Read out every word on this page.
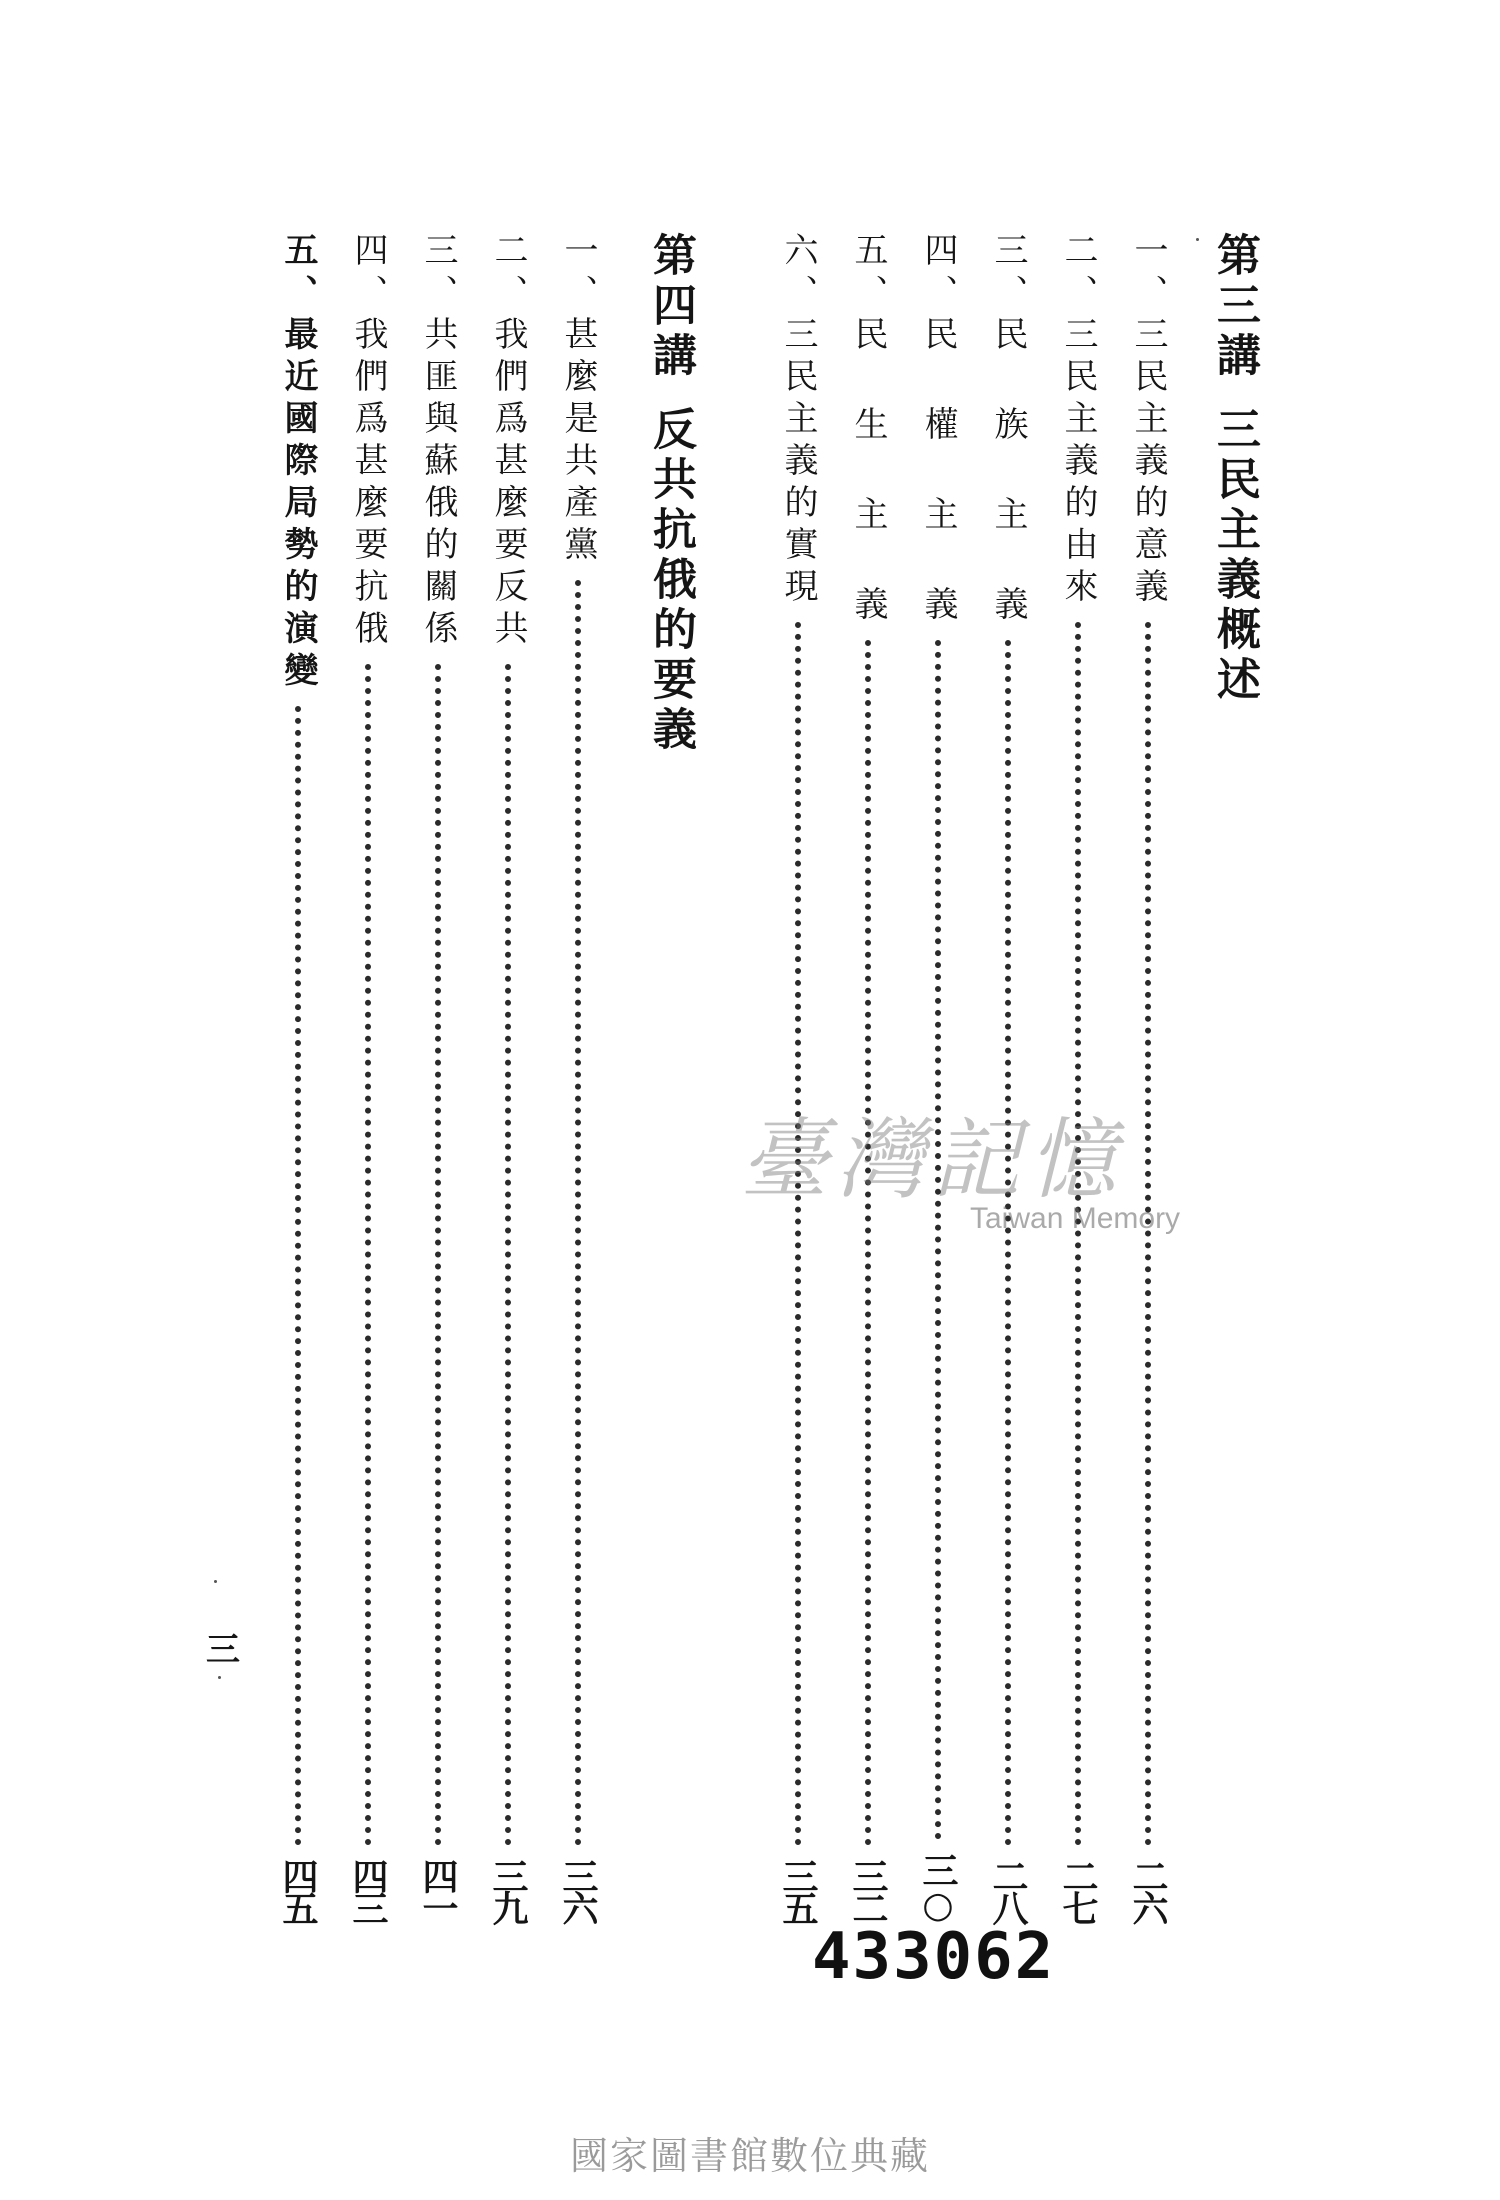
第三講三民主義概述
一、三民主義的意義
二六
二、三民主義的由來
二七
三、民 族 主 義
二八
四、民 權 主 義
三○
五、民 生 主 義
三二
六、三民主義的實現
三五
第四講反共抗俄的要義
一、甚麼是共產黨
三六
二、我們爲甚麼要反共
三九
三、共匪與蘇俄的關係
四一
四、我們爲甚麼要抗俄
四三
五、最近國際局勢的演變
四五
三
433062
臺灣記憶
Taiwan Memory
國家圖書館數位典藏
